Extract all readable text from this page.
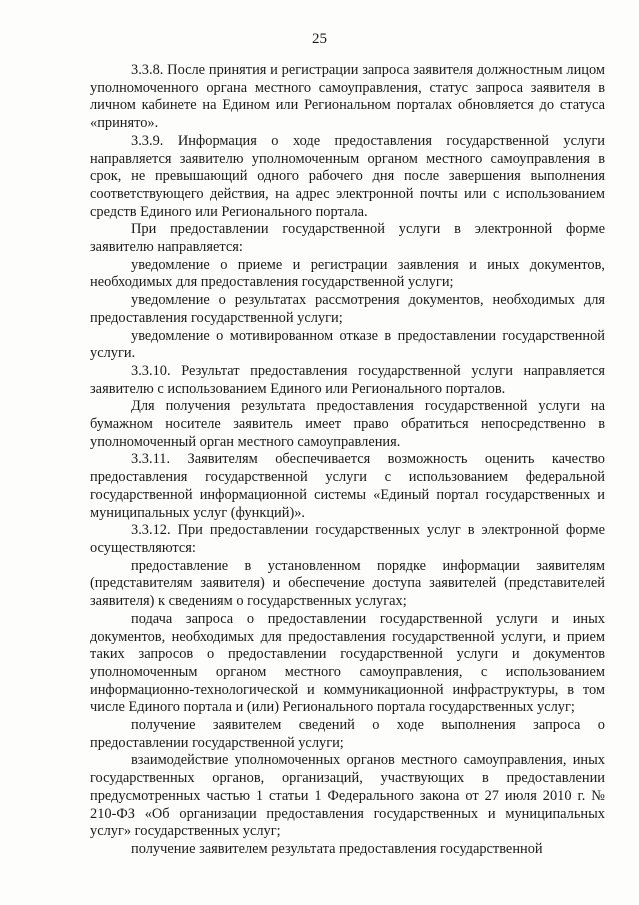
25

3.3.8. После принятия и регистрации запроса заявителя должностным лицом уполномоченного органа местного самоуправления, статус запроса заявителя в личном кабинете на Едином или Региональном порталах обновляется до статуса «принято».

3.3.9. Информация о ходе предоставления государственной услуги направляется заявителю уполномоченным органом местного самоуправления в срок, не превышающий одного рабочего дня после завершения выполнения соответствующего действия, на адрес электронной почты или с использованием средств Единого или Регионального портала.

При предоставлении государственной услуги в электронной форме заявителю направляется:

уведомление о приеме и регистрации заявления и иных документов, необходимых для предоставления государственной услуги;

уведомление о результатах рассмотрения документов, необходимых для предоставления государственной услуги;

уведомление о мотивированном отказе в предоставлении государственной услуги.

3.3.10. Результат предоставления государственной услуги направляется заявителю с использованием Единого или Регионального порталов.

Для получения результата предоставления государственной услуги на бумажном носителе заявитель имеет право обратиться непосредственно в уполномоченный орган местного самоуправления.

3.3.11. Заявителям обеспечивается возможность оценить качество предоставления государственной услуги с использованием федеральной государственной информационной системы «Единый портал государственных и муниципальных услуг (функций)».

3.3.12. При предоставлении государственных услуг в электронной форме осуществляются:

предоставление в установленном порядке информации заявителям (представителям заявителя) и обеспечение доступа заявителей (представителей заявителя) к сведениям о государственных услугах;

подача запроса о предоставлении государственной услуги и иных документов, необходимых для предоставления государственной услуги, и прием таких запросов о предоставлении государственной услуги и документов уполномоченным органом местного самоуправления, с использованием информационно-технологической и коммуникационной инфраструктуры, в том числе Единого портала и (или) Регионального портала государственных услуг;

получение заявителем сведений о ходе выполнения запроса о предоставлении государственной услуги;

взаимодействие уполномоченных органов местного самоуправления, иных государственных органов, организаций, участвующих в предоставлении предусмотренных частью 1 статьи 1 Федерального закона от 27 июля 2010 г. № 210-ФЗ «Об организации предоставления государственных и муниципальных услуг» государственных услуг;

получение заявителем результата предоставления государственной
